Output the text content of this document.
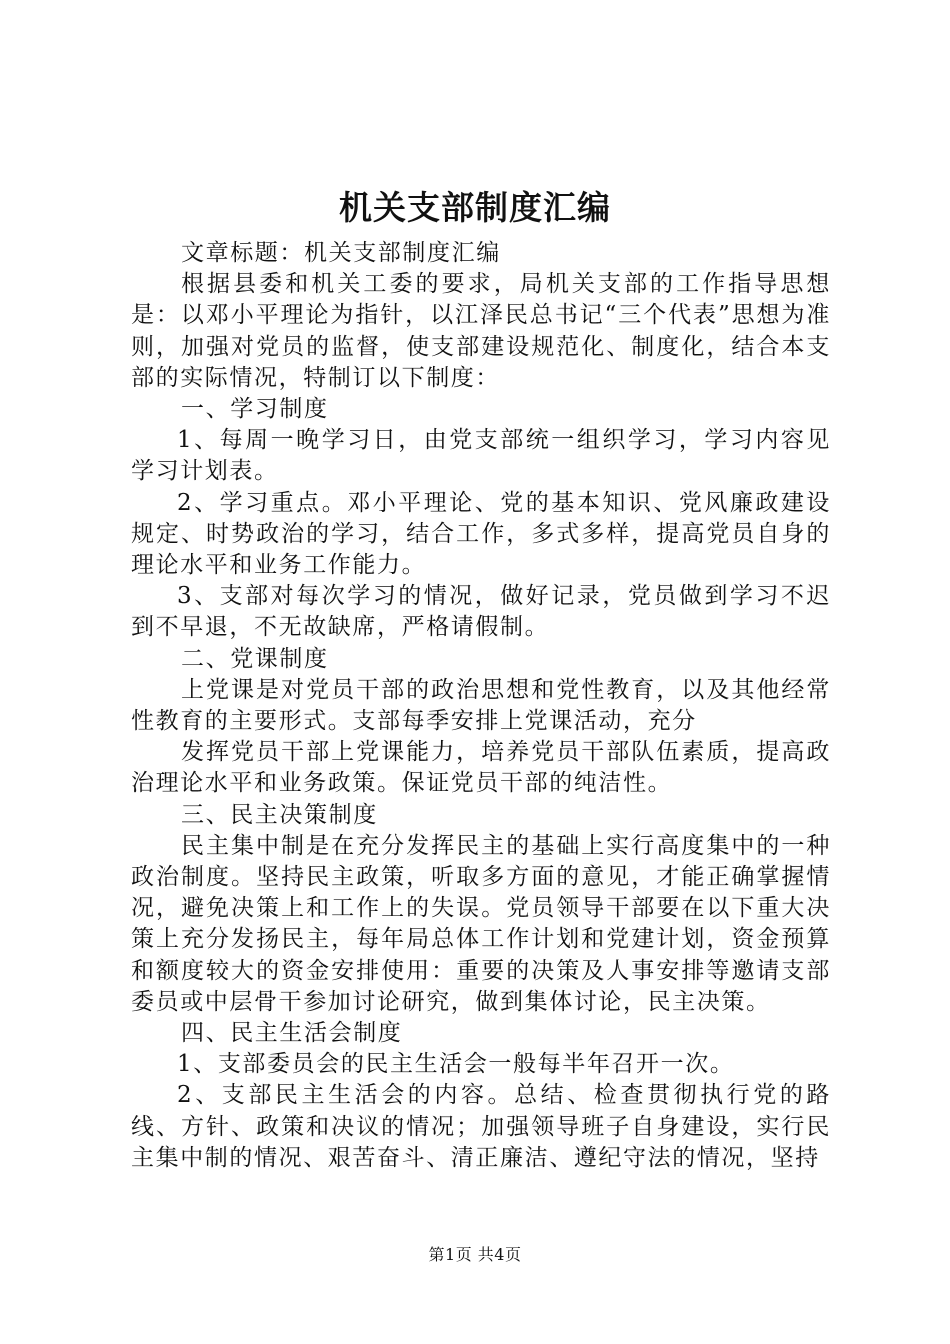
机关支部制度汇编

文章标题：机关支部制度汇编

根据县委和机关工委的要求，局机关支部的工作指导思想是：以邓小平理论为指针，以江泽民总书记“三个代表”思想为准则，加强对党员的监督，使支部建设规范化、制度化，结合本支部的实际情况，特制订以下制度：

一、学习制度

1、每周一晚学习日，由党支部统一组织学习，学习内容见学习计划表。

2、学习重点。邓小平理论、党的基本知识、党风廉政建设规定、时势政治的学习，结合工作，多式多样，提高党员自身的理论水平和业务工作能力。

3、支部对每次学习的情况，做好记录，党员做到学习不迟到不早退，不无故缺席，严格请假制。

二、党课制度

上党课是对党员干部的政治思想和党性教育，以及其他经常性教育的主要形式。支部每季安排上党课活动，充分

发挥党员干部上党课能力，培养党员干部队伍素质，提高政治理论水平和业务政策。保证党员干部的纯洁性。

三、民主决策制度

民主集中制是在充分发挥民主的基础上实行高度集中的一种政治制度。坚持民主政策，听取多方面的意见，才能正确掌握情况，避免决策上和工作上的失误。党员领导干部要在以下重大决策上充分发扬民主，每年局总体工作计划和党建计划，资金预算和额度较大的资金安排使用：重要的决策及人事安排等邀请支部委员或中层骨干参加讨论研究，做到集体讨论，民主决策。

四、民主生活会制度

1、支部委员会的民主生活会一般每半年召开一次。

2、支部民主生活会的内容。总结、检查贯彻执行党的路线、方针、政策和决议的情况；加强领导班子自身建设，实行民主集中制的情况、艰苦奋斗、清正廉洁、遵纪守法的情况，坚持

第1页 共4页
